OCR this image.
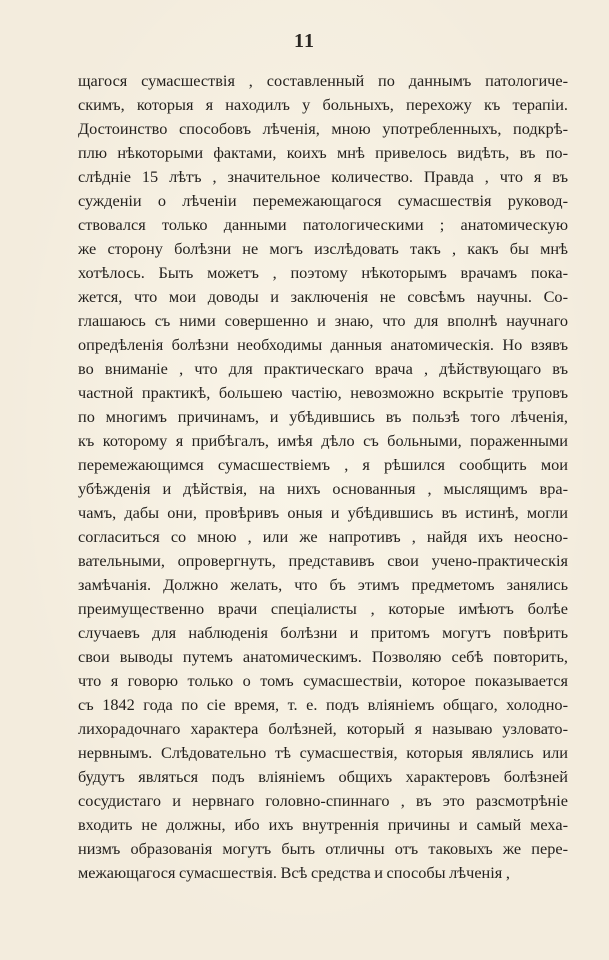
11
щагося сумасшествія , составленный по даннымъ патологиче-
скимъ, которыя я находилъ у больныхъ, перехожу къ терапіи.
Достоинство способовъ лѣченія, мною употребленныхъ, подкрѣ-
плю нѣкоторыми фактами, коихъ мнѣ привелось видѣть, въ по-
слѣдніе 15 лѣтъ , значительное количество. Правда , что я въ
сужденіи о лѣченіи перемежающагося сумасшествія руковод-
ствовался только данными патологическими ; анатомическую
же сторону болѣзни не могъ изслѣдовать такъ , какъ бы мнѣ
хотѣлось. Быть можетъ , поэтому нѣкоторымъ врачамъ пока-
жется, что мои доводы и заключенія не совсѣмъ научны. Со-
глашаюсь съ ними совершенно и знаю, что для вполнѣ научнаго
опредѣленія болѣзни необходимы данныя анатомическія. Но взявъ
во вниманіе , что для практическаго врача , дѣйствующаго въ
частной практикѣ, большею частію, невозможно вскрытіе труповъ
по многимъ причинамъ, и убѣдившись въ пользѣ того лѣченія,
къ которому я прибѣгалъ, имѣя дѣло съ больными, пораженными
перемежающимся сумасшествіемъ , я рѣшился сообщить мои
убѣжденія и дѣйствія, на нихъ основанныя , мыслящимъ вра-
чамъ, дабы они, провѣривъ оныя и убѣдившись въ истинѣ, могли
согласиться со мною , или же напротивъ , найдя ихъ неосно-
вательными, опровергнуть, представивъ свои учено-практическія
замѣчанія. Должно желать, что бъ этимъ предметомъ занялись
преимущественно врачи спеціалисты , которые имѣютъ болѣе
случаевъ для наблюденія болѣзни и притомъ могутъ повѣрить
свои выводы путемъ анатомическимъ. Позволяю себѣ повторить,
что я говорю только о томъ сумасшествіи, которое показывается
съ 1842 года по сіе время, т. е. подъ вліяніемъ общаго, холодно-
лихорадочнаго характера болѣзней, который я называю узловато-
нервнымъ. Слѣдовательно тѣ сумасшествія, которыя являлись или
будутъ являться подъ вліяніемъ общихъ характеровъ болѣзней
сосудистаго и нервнаго головно-спиннаго , въ это разсмотрѣніе
входить не должны, ибо ихъ внутреннія причины и самый меха-
низмъ образованія могутъ быть отличны отъ таковыхъ же пере-
межающагося сумасшествія. Всѣ средства и способы лѣченія ,
